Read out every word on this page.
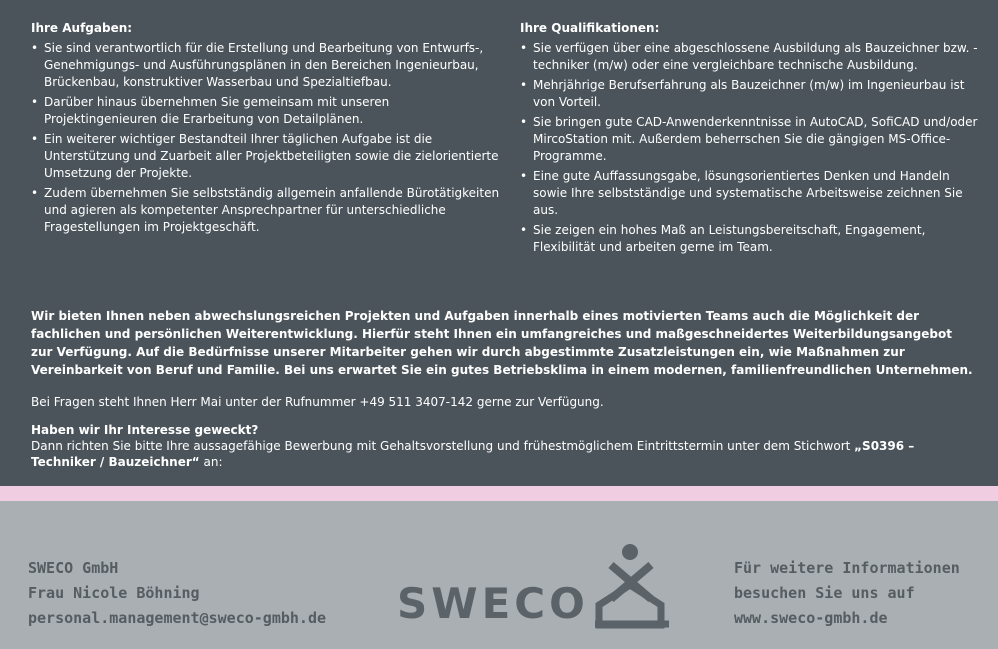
Ihre Aufgaben:
• Sie sind verantwortlich für die Erstellung und Bearbeitung von Entwurfs-, Genehmigungs- und Ausführungsplänen in den Bereichen Ingenieurbau, Brückenbau, konstruktiver Wasserbau und Spezialtiefbau.
• Darüber hinaus übernehmen Sie gemeinsam mit unseren Projektingenieuren die Erarbeitung von Detailplänen.
• Ein weiterer wichtiger Bestandteil Ihrer täglichen Aufgabe ist die Unterstützung und Zuarbeit aller Projektbeteiligten sowie die zielorientierte Umsetzung der Projekte.
• Zudem übernehmen Sie selbstständig allgemein anfallende Bürotätigkeiten und agieren als kompetenter Ansprechpartner für unterschiedliche Fragestellungen im Projektgeschäft.
Ihre Qualifikationen:
• Sie verfügen über eine abgeschlossene Ausbildung als Bauzeichner bzw. -techniker (m/w) oder eine vergleichbare technische Ausbildung.
• Mehrjährige Berufserfahrung als Bauzeichner (m/w) im Ingenieurbau ist von Vorteil.
• Sie bringen gute CAD-Anwenderkenntnisse in AutoCAD, SofiCAD und/oder MircoStation mit. Außerdem beherrschen Sie die gängigen MS-Office-Programme.
• Eine gute Auffassungsgabe, lösungsorientiertes Denken und Handeln sowie Ihre selbstständige und systematische Arbeitsweise zeichnen Sie aus.
• Sie zeigen ein hohes Maß an Leistungsbereitschaft, Engagement, Flexibilität und arbeiten gerne im Team.
Wir bieten Ihnen neben abwechslungsreichen Projekten und Aufgaben innerhalb eines motivierten Teams auch die Möglichkeit der fachlichen und persönlichen Weiterentwicklung. Hierfür steht Ihnen ein umfangreiches und maßgeschneidertes Weiterbildungsangebot zur Verfügung. Auf die Bedürfnisse unserer Mitarbeiter gehen wir durch abgestimmte Zusatzleistungen ein, wie Maßnahmen zur Vereinbarkeit von Beruf und Familie. Bei uns erwartet Sie ein gutes Betriebsklima in einem modernen, familienfreundlichen Unternehmen.
Bei Fragen steht Ihnen Herr Mai unter der Rufnummer +49 511 3407-142 gerne zur Verfügung.
Haben wir Ihr Interesse geweckt?
Dann richten Sie bitte Ihre aussagefähige Bewerbung mit Gehaltsvorstellung und frühestmöglichem Eintrittstermin unter dem Stichwort „S0396 – Techniker / Bauzeichner“ an:
SWECO GmbH
Frau Nicole Böhning
personal.management@sweco-gmbh.de SWECO
Für weitere Informationen
besuchen Sie uns auf
www.sweco-gmbh.de
